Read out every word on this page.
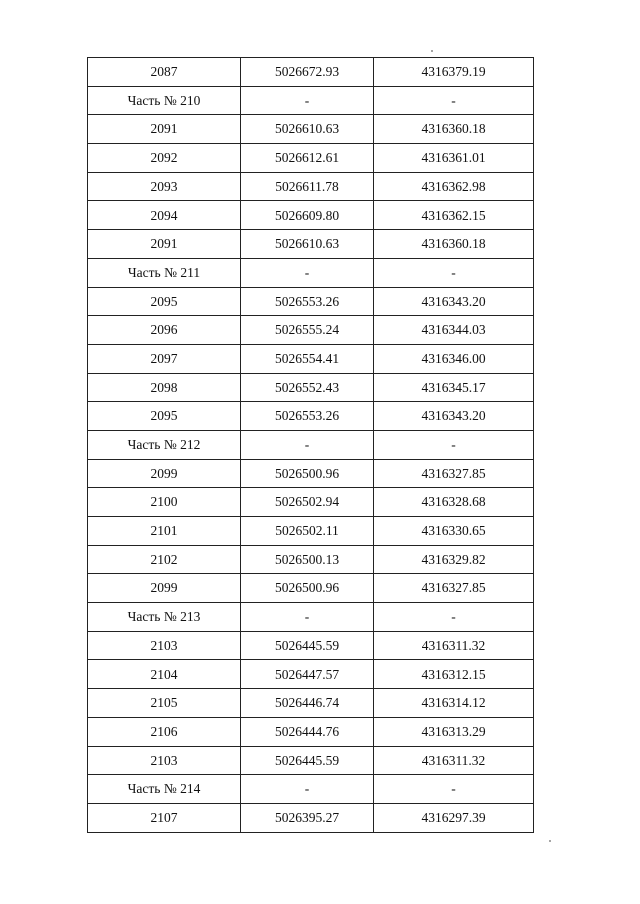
2087	5026672.93	4316379.19
Часть № 210	-	-
2091	5026610.63	4316360.18
2092	5026612.61	4316361.01
2093	5026611.78	4316362.98
2094	5026609.80	4316362.15
2091	5026610.63	4316360.18
Часть № 211	-	-
2095	5026553.26	4316343.20
2096	5026555.24	4316344.03
2097	5026554.41	4316346.00
2098	5026552.43	4316345.17
2095	5026553.26	4316343.20
Часть № 212	-	-
2099	5026500.96	4316327.85
2100	5026502.94	4316328.68
2101	5026502.11	4316330.65
2102	5026500.13	4316329.82
2099	5026500.96	4316327.85
Часть № 213	-	-
2103	5026445.59	4316311.32
2104	5026447.57	4316312.15
2105	5026446.74	4316314.12
2106	5026444.76	4316313.29
2103	5026445.59	4316311.32
Часть № 214	-	-
2107	5026395.27	4316297.39
